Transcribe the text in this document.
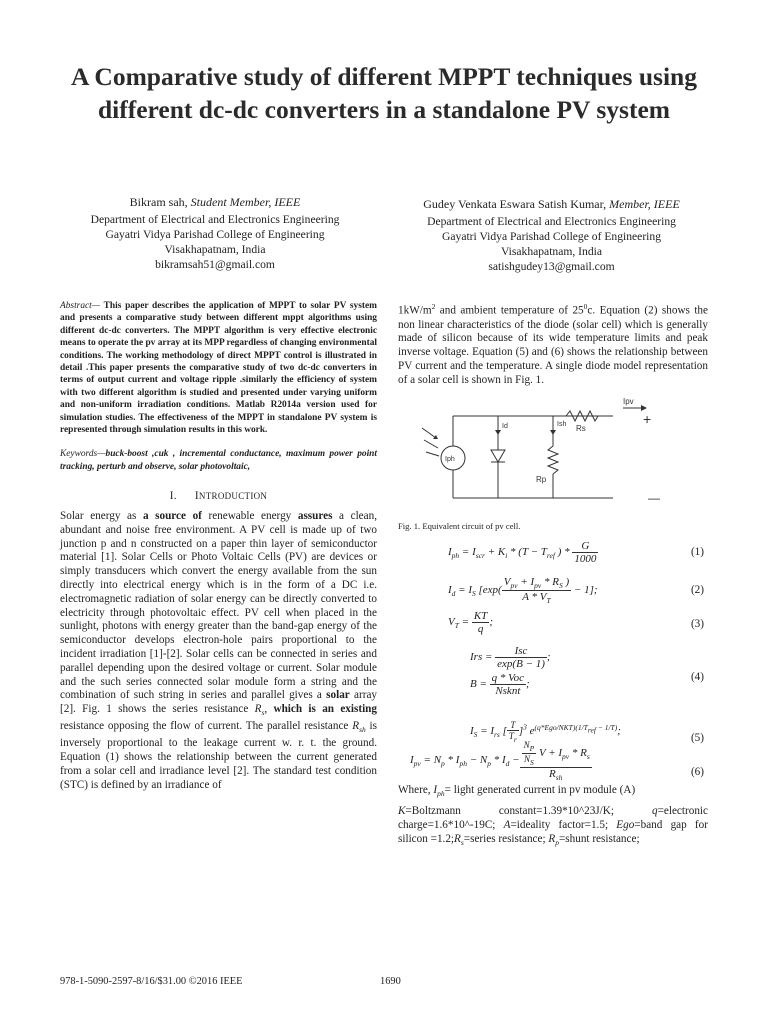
A Comparative study of different MPPT techniques using different dc-dc converters in a standalone PV system
Bikram sah, Student Member, IEEE
Department of Electrical and Electronics Engineering
Gayatri Vidya Parishad College of Engineering
Visakhapatnam, India
bikramsah51@gmail.com
Gudey Venkata Eswara Satish Kumar, Member, IEEE
Department of Electrical and Electronics Engineering
Gayatri Vidya Parishad College of Engineering
Visakhapatnam, India
satishgudey13@gmail.com

Abstract— This paper describes the application of MPPT to solar PV system and presents a comparative study between different mppt algorithms using different dc-dc converters. The MPPT algorithm is very effective electronic means to operate the pv array at its MPP regardless of changing environmental conditions. The working methodology of direct MPPT control is illustrated in detail .This paper presents the comparative study of two dc-dc converters in terms of output current and voltage ripple .similarly the efficiency of system with two different algorithm is studied and presented under varying uniform and non-uniform irradiation conditions. Matlab R2014a version used for simulation studies. The effectiveness of the MPPT in standalone PV system is represented through simulation results in this work.

Keywords—buck-boost ,cuk , incremental conductance, maximum power point tracking, perturb and observe, solar photovoltaic,

I. INTRODUCTION

Solar energy as a source of renewable energy assures a clean, abundant and noise free environment. A PV cell is made up of two junction p and n constructed on a paper thin layer of semiconductor material [1]. Solar Cells or Photo Voltaic Cells (PV) are devices or simply transducers which convert the energy available from the sun directly into electrical energy which is in the form of a DC i.e. electromagnetic radiation of solar energy can be directly converted to electricity through photovoltaic effect. PV cell when placed in the sunlight, photons with energy greater than the band-gap energy of the semiconductor develops electron-hole pairs proportional to the incident irradiation [1]-[2]. Solar cells can be connected in series and parallel depending upon the desired voltage or current. Solar module and the such series connected solar module form a string and the combination of such string in series and parallel gives a solar array [2]. Fig. 1 shows the series resistance $R_s$, which is an existing resistance opposing the flow of current. The parallel resistance $R_{sh}$ is inversely proportional to the leakage current w. r. t. the ground. Equation (1) shows the relationship between the current generated from a solar cell and irradiance level [2]. The standard test condition (STC) is defined by an irradiance of

$1kW/m^2$ and ambient temperature of $25^0c$. Equation (2) shows the non linear characteristics of the diode (solar cell) which is generally made of silicon because of its wide temperature limits and peak inverse voltage. Equation (5) and (6) shows the relationship between PV current and the temperature. A single diode model representation of a solar cell is shown in Fig. 1.

Ipv
Id	Ish Rs
Rp
Iph
+
—
Fig. 1. Equivalent circuit of pv cell.
$I_{ph} = I_{scr} + K_i * (T - T_{ref}$ ) * $\frac{G}{1000}$	(1)
$I_d = I_S$ [$\exp( \frac{V_{pv} + I_{pv} * R_S )}{A * V_T} - 1]$;	(2)
$V_T = \frac{KT}{q}$ ;	(3)
Irs = $\frac{\text{Isc}}{\exp(B - 1)}$ ;
$B = \frac{\text{q * Voc}}{\text{Nsknt}}$ ;
(4)
$I_S = I_{rs}$ [ $\frac{T}{T_r} ]^3$ $e^{(q*Ego/NKT)(1/T_{ref} - 1/T)}$;
(5)
$I_{pv} = N_p * I_{ph} - N_p * I_d - \frac{\frac{N_P}{N_S} V + I_{pv} * R_s}{R_{sh}}$	(6)
Where, $I_{ph}=$ light generated current in pv module (A)
K=Boltzmann constant=1.39*10^23J/K; q=electronic charge=1.6*10^-19C; A=ideality factor=1.5; Ego=band gap for silicon $=1.2;R_s=series$ resistance; $R_p=shunt$ resistance;
978-1-5090-2597-8/16/$31.00 ©2016 IEEE	1690
